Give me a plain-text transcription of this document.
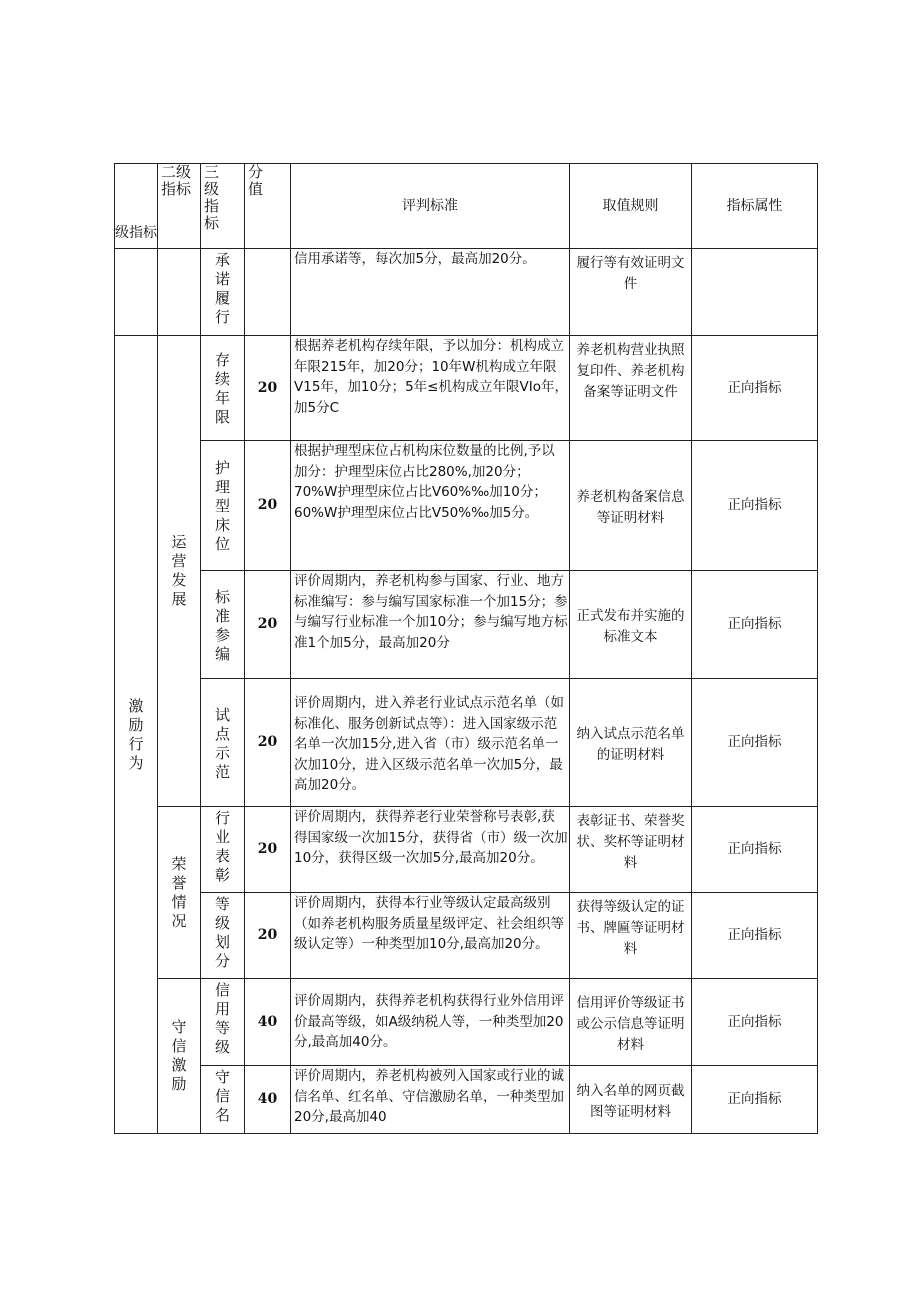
级指标	二级指标	三级指标	分值	评判标准	取值规则	指标属性
		承诺履行		信用承诺等，每次加5分，最高加20分。	履行等有效证明文件	
激励行为	运营发展	存续年限	20	根据养老机构存续年限，予以加分：机构成立年限215年，加20分；10年W机构成立年限V15年，加10分；5年≤机构成立年限VIo年，加5分C	养老机构营业执照复印件、养老机构备案等证明文件	正向指标
		护理型床位	20	根据护理型床位占机构床位数量的比例,予以加分：护理型床位占比280%,加20分；70%W护理型床位占比V60%‰加10分；60%W护理型床位占比V50%‰加5分。	养老机构备案信息等证明材料	正向指标
		标准参编	20	评价周期内，养老机构参与国家、行业、地方标准编写：参与编写国家标准一个加15分；参与编写行业标准一个加10分；参与编写地方标准1个加5分，最高加20分	正式发布并实施的标准文本	正向指标
		试点示范	20	评价周期内，进入养老行业试点示范名单（如标准化、服务创新试点等）：进入国家级示范名单一次加15分,进入省（市）级示范名单一次加10分，进入区级示范名单一次加5分，最高加20分。	纳入试点示范名单的证明材料	正向指标
	荣誉情况	行业表彰	20	评价周期内，获得养老行业荣誉称号表彰,获得国家级一次加15分，获得省（市）级一次加10分，获得区级一次加5分,最高加20分。	表彰证书、荣誉奖状、奖杯等证明材料	正向指标
		等级划分	20	评价周期内，获得本行业等级认定最高级别（如养老机构服务质量星级评定、社会组织等级认定等）一种类型加10分,最高加20分。	获得等级认定的证书、牌匾等证明材料	正向指标
	守信激励	信用等级	40	评价周期内，获得养老机构获得行业外信用评价最高等级，如A级纳税人等，一种类型加20分,最高加40分。	信用评价等级证书或公示信息等证明材料	正向指标
		守信名	40	评价周期内，养老机构被列入国家或行业的诚信名单、红名单、守信激励名单，一种类型加20分,最高加40	纳入名单的网页截图等证明材料	正向指标
